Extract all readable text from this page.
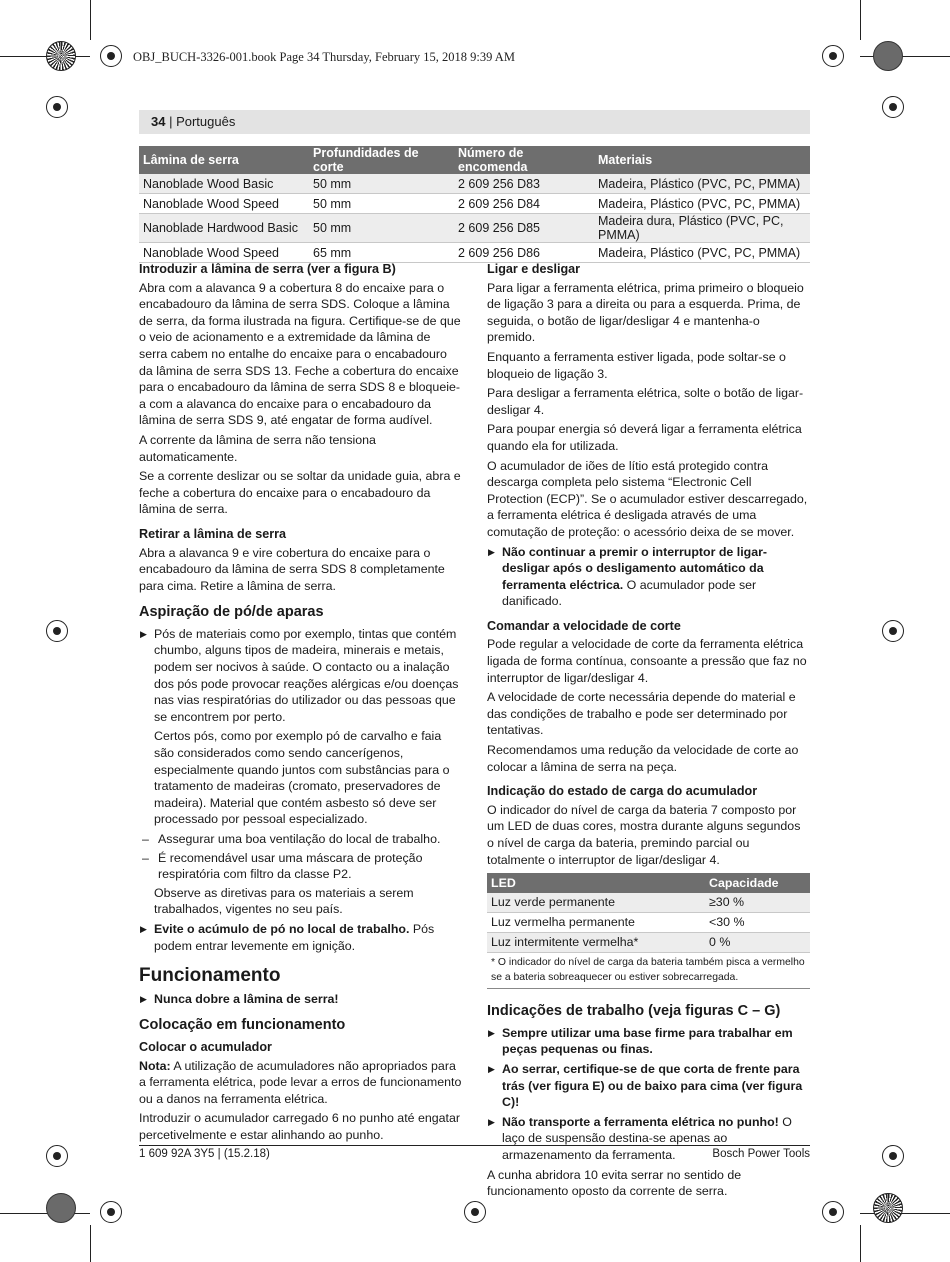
OBJ_BUCH-3326-001.book Page 34 Thursday, February 15, 2018 9:39 AM
34 | Português
Lâmina de serra	Profundidades de corte	Número de encomenda	Materiais
Nanoblade Wood Basic	50 mm	2 609 256 D83	Madeira, Plástico (PVC, PC, PMMA)
Nanoblade Wood Speed	50 mm	2 609 256 D84	Madeira, Plástico (PVC, PC, PMMA)
Nanoblade Hardwood Basic	50 mm	2 609 256 D85	Madeira dura, Plástico (PVC, PC, PMMA)
Nanoblade Wood Speed	65 mm	2 609 256 D86	Madeira, Plástico (PVC, PC, PMMA)
Introduzir a lâmina de serra (ver a figura B)

Abra com a alavanca 9 a cobertura 8 do encaixe para o encabadouro da lâmina de serra SDS. Coloque a lâmina de serra, da forma ilustrada na figura. Certifique-se de que o veio de acionamento e a extremidade da lâmina de serra cabem no entalhe do encaixe para o encabadouro da lâmina de serra SDS 13. Feche a cobertura do encaixe para o encabadouro da lâmina de serra SDS 8 e bloqueie-a com a alavanca do encaixe para o encabadouro da lâmina de serra SDS 9, até engatar de forma audível.

A corrente da lâmina de serra não tensiona automaticamente.

Se a corrente deslizar ou se soltar da unidade guia, abra e feche a cobertura do encaixe para o encabadouro da lâmina de serra.

Retirar a lâmina de serra

Abra a alavanca 9 e vire cobertura do encaixe para o encabadouro da lâmina de serra SDS 8 completamente para cima. Retire a lâmina de serra.

Aspiração de pó/de aparas
▶ Pós de materiais como por exemplo, tintas que contém chumbo, alguns tipos de madeira, minerais e metais, podem ser nocivos à saúde. O contacto ou a inalação dos pós pode provocar reações alérgicas e/ou doenças nas vias respiratórias do utilizador ou das pessoas que se encontrem por perto.
Certos pós, como por exemplo pó de carvalho e faia são considerados como sendo cancerígenos, especialmente quando juntos com substâncias para o tratamento de madeiras (cromato, preservadores de madeira). Material que contém asbesto só deve ser processado por pessoal especializado.
– Assegurar uma boa ventilação do local de trabalho.
– É recomendável usar uma máscara de proteção respiratória com filtro da classe P2.
Observe as diretivas para os materiais a serem trabalhados, vigentes no seu país.
▶ Evite o acúmulo de pó no local de trabalho. Pós podem entrar levemente em ignição.
Funcionamento
▶ Nunca dobre a lâmina de serra!
Colocação em funcionamento
Colocar o acumulador

Nota: A utilização de acumuladores não apropriados para a ferramenta elétrica, pode levar a erros de funcionamento ou a danos na ferramenta elétrica.

Introduzir o acumulador carregado 6 no punho até engatar percetivelmente e estar alinhando ao punho.

Ligar e desligar

Para ligar a ferramenta elétrica, prima primeiro o bloqueio de ligação 3 para a direita ou para a esquerda. Prima, de seguida, o botão de ligar/desligar 4 e mantenha-o premido.

Enquanto a ferramenta estiver ligada, pode soltar-se o bloqueio de ligação 3.

Para desligar a ferramenta elétrica, solte o botão de ligar-desligar 4.

Para poupar energia só deverá ligar a ferramenta elétrica quando ela for utilizada.

O acumulador de iões de lítio está protegido contra descarga completa pelo sistema “Electronic Cell Protection (ECP)”. Se o acumulador estiver descarregado, a ferramenta elétrica é desligada através de uma comutação de proteção: o acessório deixa de se mover.

▶ Não continuar a premir o interruptor de ligar-desligar após o desligamento automático da ferramenta eléctrica. O acumulador pode ser danificado.
Comandar a velocidade de corte

Pode regular a velocidade de corte da ferramenta elétrica ligada de forma contínua, consoante a pressão que faz no interruptor de ligar/desligar 4.

A velocidade de corte necessária depende do material e das condições de trabalho e pode ser determinado por tentativas.

Recomendamos uma redução da velocidade de corte ao colocar a lâmina de serra na peça.

Indicação do estado de carga do acumulador

O indicador do nível de carga da bateria 7 composto por um LED de duas cores, mostra durante alguns segundos o nível de carga da bateria, premindo parcial ou totalmente o interruptor de ligar/desligar 4.

LED	Capacidade
Luz verde permanente	≥30 %
Luz vermelha permanente	<30 %
Luz intermitente vermelha*	0 %
* O indicador do nível de carga da bateria também pisca a vermelho se a bateria sobreaquecer ou estiver sobrecarregada.
Indicações de trabalho (veja figuras C – G)
▶ Sempre utilizar uma base firme para trabalhar em peças pequenas ou finas.
▶ Ao serrar, certifique-se de que corta de frente para trás (ver figura E) ou de baixo para cima (ver figura C)!
▶ Não transporte a ferramenta elétrica no punho! O laço de suspensão destina-se apenas ao armazenamento da ferramenta.

A cunha abridora 10 evita serrar no sentido de funcionamento oposto da corrente de serra.

1 609 92A 3Y5 | (15.2.18)	Bosch Power Tools
